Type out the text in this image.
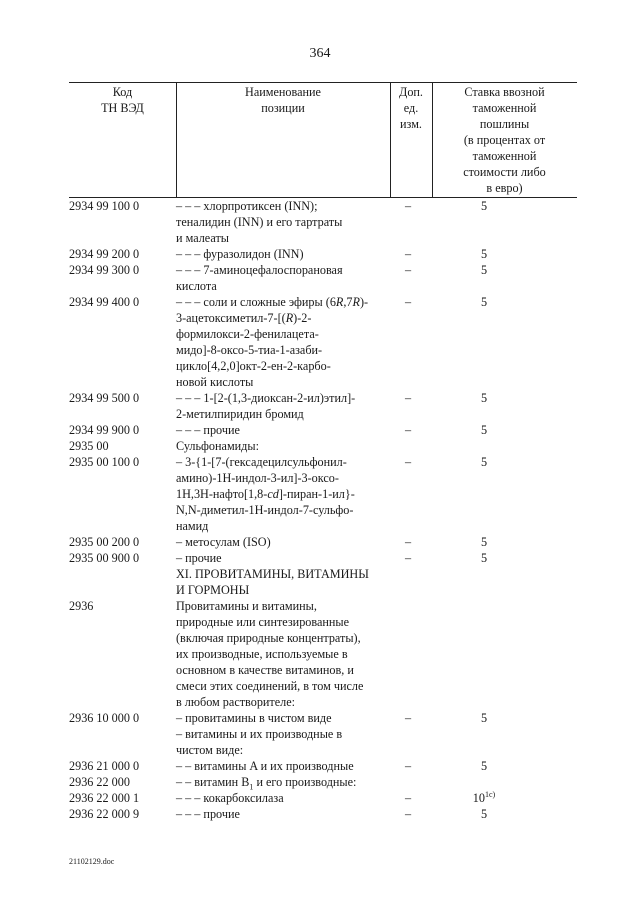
364
Код
ТН ВЭД
Наименование
позиции
Доп.
ед.
изм.
Ставка ввозной
таможенной
пошлины
(в процентах от
таможенной
стоимости либо
в евро)
2934 99 100 0	– – – хлорпротиксен (INN);
теналидин (INN) и его тартраты
и малеаты
–	5
2934 99 200 0	– – – фуразолидон (INN)	–	5
2934 99 300 0	– – – 7-аминоцефалоспорановая
кислота
–	5
2934 99 400 0	– – – соли и сложные эфиры (6R,7R)-
3-ацетоксиметил-7-[(R)-2-
формилокси-2-фенилацета-
мидо]-8-оксо-5-тиа-1-азаби-
цикло[4,2,0]окт-2-ен-2-карбо-
новой кислоты
–	5
2934 99 500 0	– – – 1-[2-(1,3-диоксан-2-ил)этил]-
2-метилпиридин бромид
–	5
2934 99 900 0	– – – прочие	–	5
2935 00	Сульфонамиды:
2935 00 100 0	– 3-{1-[7-(гексадецилсульфонил-
амино)-1Н-индол-3-ил]-3-оксо-
1Н,3Н-нафто[1,8-cd]-пиран-1-ил}-
N,N-диметил-1Н-индол-7-сульфо-
намид
–	5
2935 00 200 0	– метосулам (ISO)	–	5
2935 00 900 0	– прочие	–	5
XI. ПРОВИТАМИНЫ, ВИТАМИНЫ
И ГОРМОНЫ
2936	Провитамины и витамины,
природные или синтезированные
(включая природные концентраты),
их производные, используемые в
основном в качестве витаминов, и
смеси этих соединений, в том числе
в любом растворителе:
2936 10 000 0	– провитамины в чистом виде	–	5
– витамины и их производные в
чистом виде:
2936 21 000 0	– – витамины A и их производные	–	5
2936 22 000	– – витамин $B_1$ и его производные:
2936 22 000 1	– – – кокарбоксилаза	–	$10^{1с)}$
2936 22 000 9	– – – прочие	–	5
21102129.doc
